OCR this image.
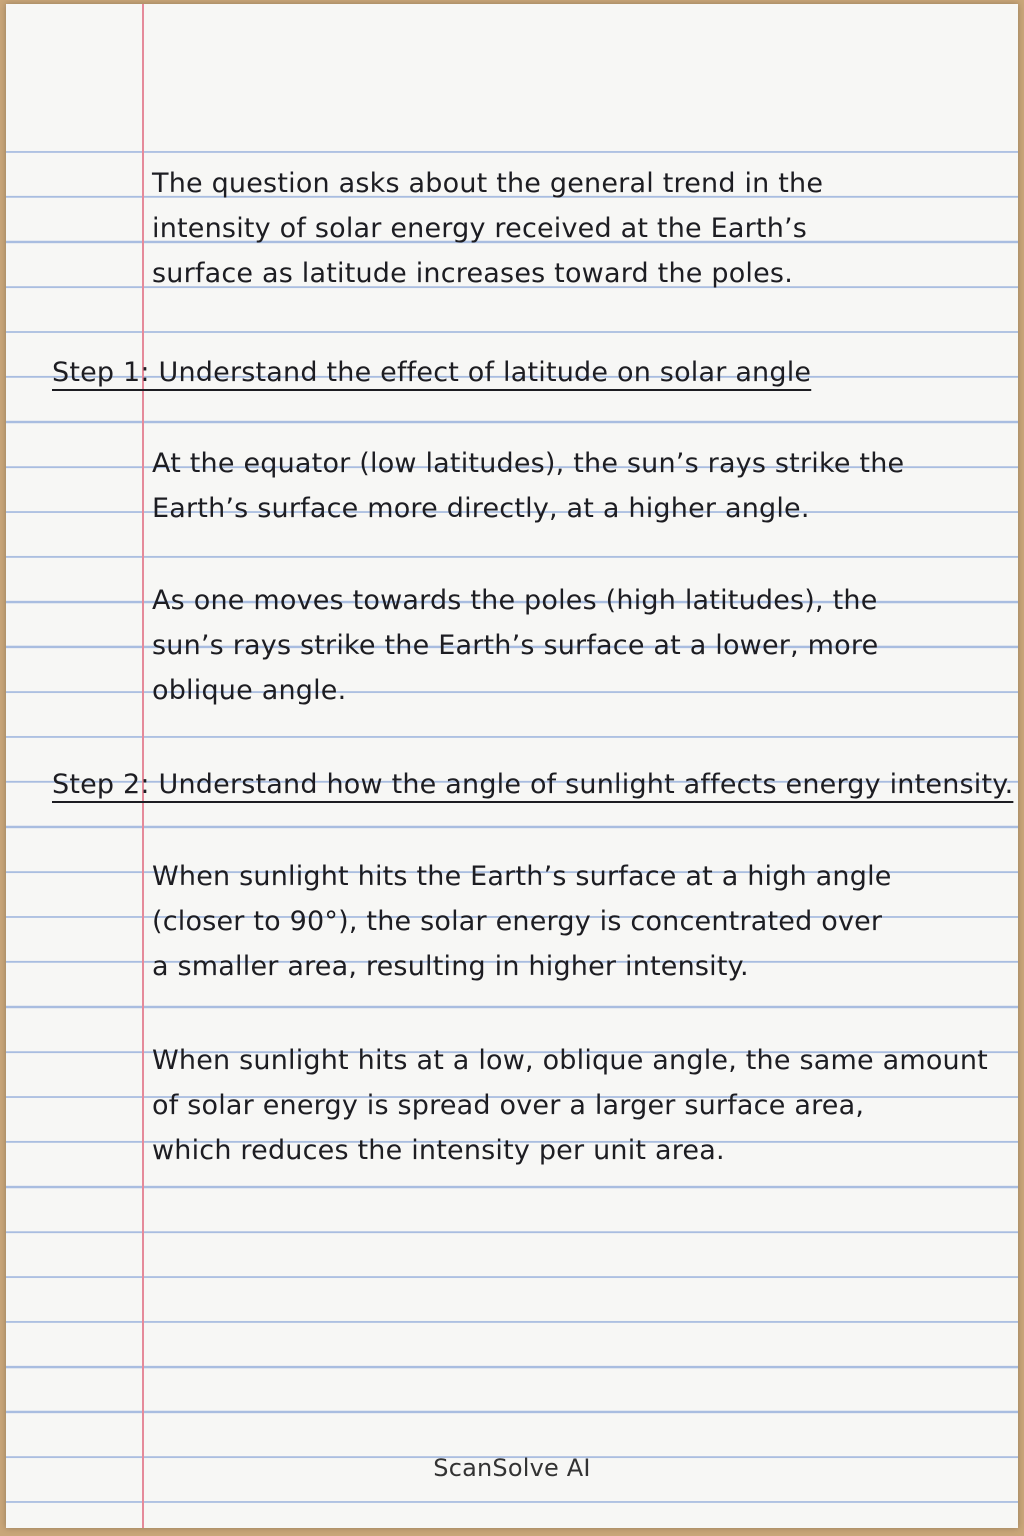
The question asks about the general trend in the
intensity of solar energy received at the Earth’s
surface as latitude increases toward the poles.
Step 1: Understand the effect of latitude on solar angle
At the equator (low latitudes), the sun’s rays strike the
Earth’s surface more directly, at a higher angle.
As one moves towards the poles (high latitudes), the
sun’s rays strike the Earth’s surface at a lower, more
oblique angle.
Step 2: Understand how the angle of sunlight affects energy intensity.
When sunlight hits the Earth’s surface at a high angle
(closer to 90°), the solar energy is concentrated over
a smaller area, resulting in higher intensity.
When sunlight hits at a low, oblique angle, the same amount
of solar energy is spread over a larger surface area,
which reduces the intensity per unit area.
ScanSolve AI
